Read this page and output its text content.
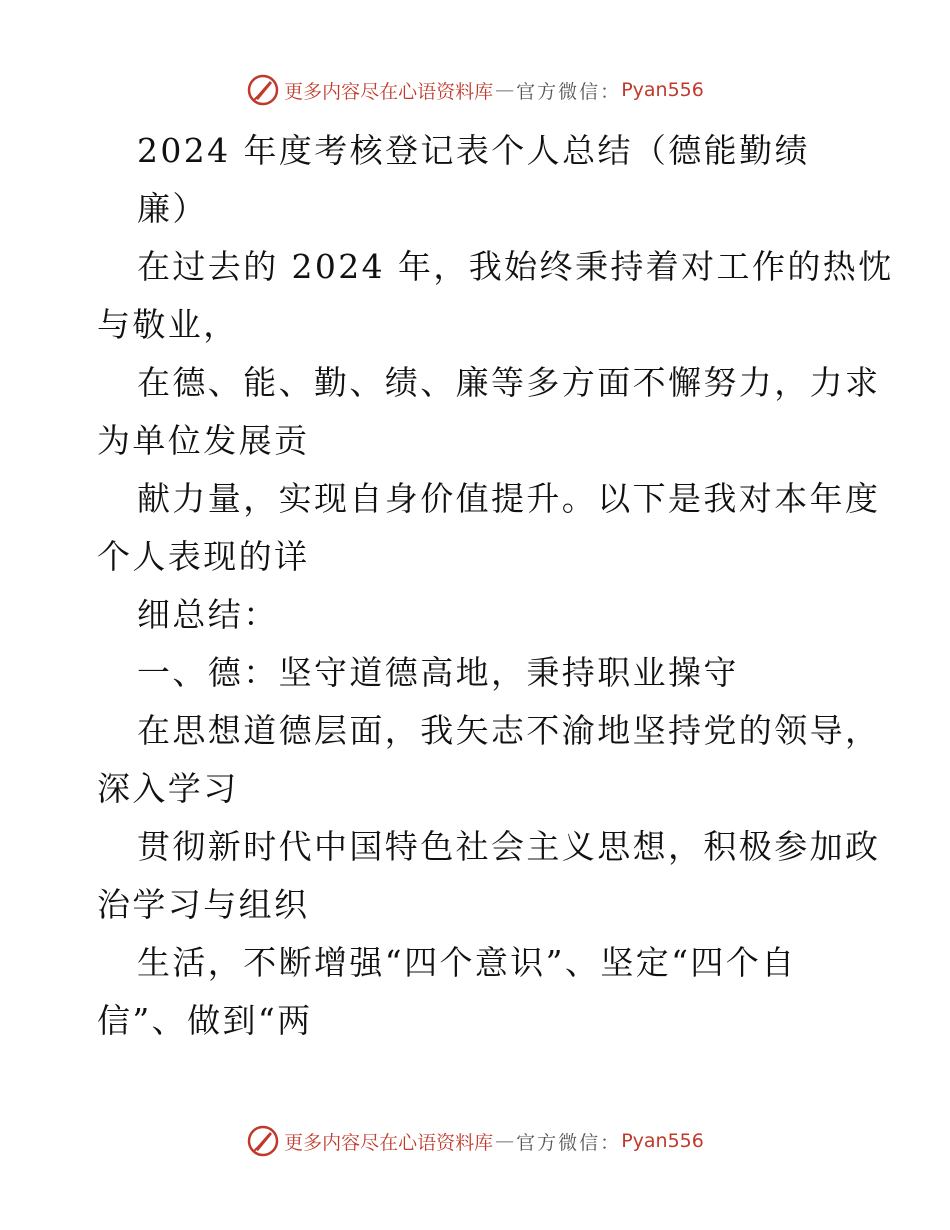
更多内容尽在心语资料库 — 官方微信： Pyan556
2024 年度考核登记表个人总结（德能勤绩
廉）
在过去的 2024 年，我始终秉持着对工作的热忱
与敬业，
在德、能、勤、绩、廉等多方面不懈努力，力求
为单位发展贡
献力量，实现自身价值提升。以下是我对本年度
个人表现的详
细总结：
一、德：坚守道德高地，秉持职业操守
在思想道德层面，我矢志不渝地坚持党的领导，
深入学习
贯彻新时代中国特色社会主义思想，积极参加政
治学习与组织
生活，不断增强“四个意识”、坚定“四个自
信”、做到“两
更多内容尽在心语资料库 — 官方微信： Pyan556
